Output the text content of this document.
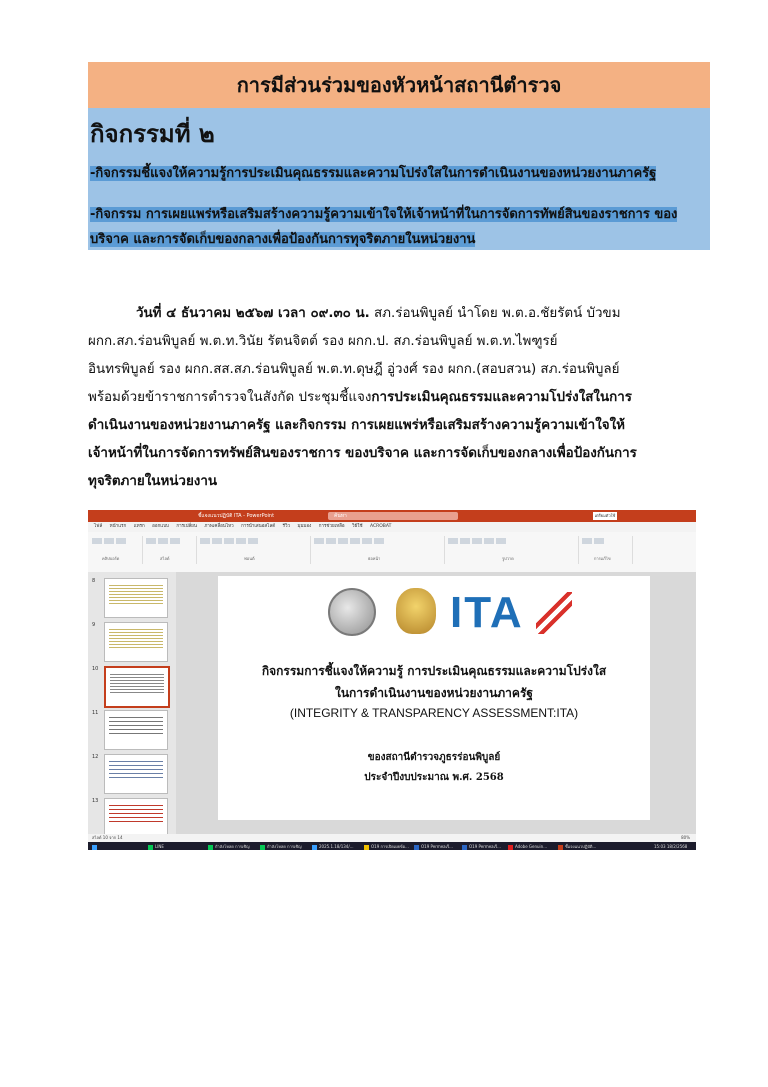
การมีส่วนร่วมของหัวหน้าสถานีตำรวจ
กิจกรรมที่ ๒
-กิจกรรมชี้แจงให้ความรู้การประเมินคุณธรรมและความโปร่งใสในการดำเนินงานของหน่วยงานภาครัฐ
-กิจกรรม การเผยแพร่หรือเสริมสร้างความรู้ความเข้าใจให้เจ้าหน้าที่ในการจัดการทัพย์สินของราชการ ของ
บริจาค และการจัดเก็บของกลางเพื่อป้องกันการทุจริตภายในหน่วยงาน
วันที่ ๔ ธันวาคม ๒๕๖๗ เวลา ๐๙.๓๐ น. สภ.ร่อนพิบูลย์ นำโดย พ.ต.อ.ชัยรัตน์ บัวขม
ผกก.สภ.ร่อนพิบูลย์ พ.ต.ท.วินัย รัตนจิตต์ รอง ผกก.ป. สภ.ร่อนพิบูลย์ พ.ต.ท.ไพฑูรย์
อินทรพิบูลย์ รอง ผกก.สส.สภ.ร่อนพิบูลย์ พ.ต.ท.ดุษฎี อู่วงศ์ รอง ผกก.(สอบสวน) สภ.ร่อนพิบูลย์
พร้อมด้วยข้าราชการตำรวจในสังกัด ประชุมชี้แจงการประเมินคุณธรรมและความโปร่งใสในการ
ดำเนินงานของหน่วยงานภาครัฐ และกิจกรรม การเผยแพร่หรือเสริมสร้างความรู้ความเข้าใจให้
เจ้าหน้าที่ในการจัดการทรัพย์สินของราชการ ของบริจาค และการจัดเก็บของกลางเพื่อป้องกันการ
ทุจริตภายในหน่วยงาน
ชี้แจงแนวปฏิบัติ ITA - PowerPoint	ค้นหา	เตรียมตัวใช้
ไฟล์ หน้าแรก แทรก ออกแบบ การเปลี่ยน ภาพเคลื่อนไหว การนำเสนอสไลด์ รีวิว มุมมอง การช่วยเหลือ วิธีใช้ ACROBAT
คลิปบอร์ด	สไลด์	ฟอนต์	ย่อหน้า	รูปวาด	การแก้ไข
8
9
10
11
12
13
ITA
กิจกรรมการชี้แจงให้ความรู้ การประเมินคุณธรรมและความโปร่งใส
ในการดำเนินงานของหน่วยงานภาครัฐ
(INTEGRITY & TRANSPARENCY ASSESSMENT:ITA)
ของสถานีตำรวจภูธรร่อนพิบูลย์
ประจำปีงบประมาณ พ.ศ. 2568
สไลด์ 10 จาก 14	80%
LINE	กำลังโหลด การเชิญ	กำลังโหลด การเชิญ	2025.1.18/134/...	O19 การเปิดเผยข้อ...	O19 Permeaเร็...	O19 Permeaเร็...	Adobe Genuin...	ชี้แจงแนวปฏิบัติ...	15:03 18/2/2568
